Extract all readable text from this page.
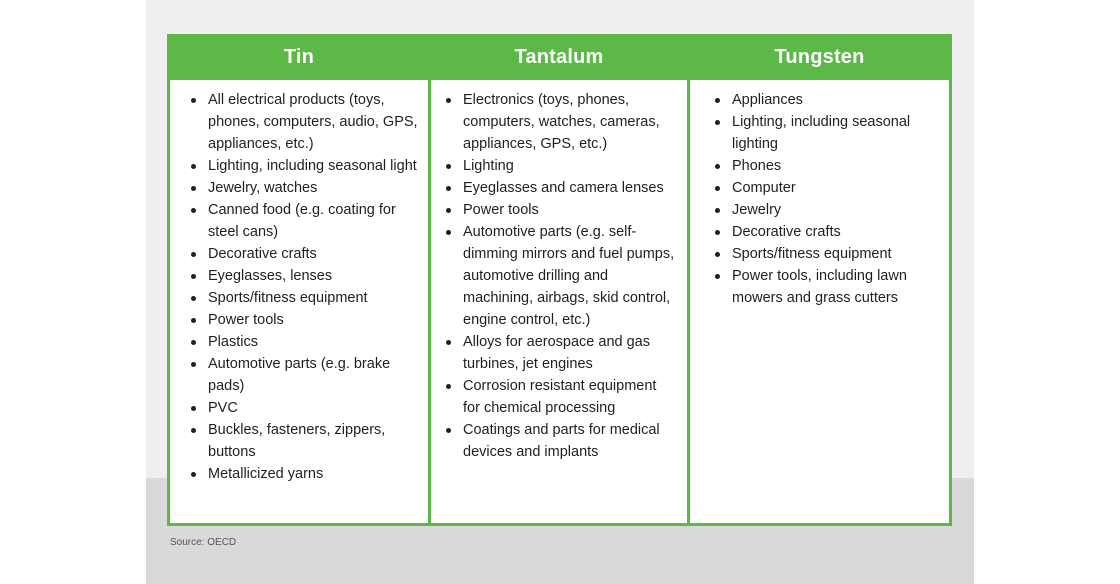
Tin
All electrical products (toys, phones, computers, audio, GPS, appliances, etc.)
Lighting, including seasonal light
Jewelry, watches
Canned food (e.g. coating for steel cans)
Decorative crafts
Eyeglasses, lenses
Sports/fitness equipment
Power tools
Plastics
Automotive parts (e.g. brake pads)
PVC
Buckles, fasteners, zippers, buttons
Metallicized yarns
Tantalum
Electronics (toys, phones, computers, watches, cameras, appliances, GPS, etc.)
Lighting
Eyeglasses and camera lenses
Power tools
Automotive parts (e.g. self-dimming mirrors and fuel pumps, automotive drilling and machining, airbags, skid control, engine control, etc.)
Alloys for aerospace and gas turbines, jet engines
Corrosion resistant equipment for chemical processing
Coatings and parts for medical devices and implants
Tungsten
Appliances
Lighting, including seasonal lighting
Phones
Computer
Jewelry
Decorative crafts
Sports/fitness equipment
Power tools, including lawn mowers and grass cutters
Source: OECD
